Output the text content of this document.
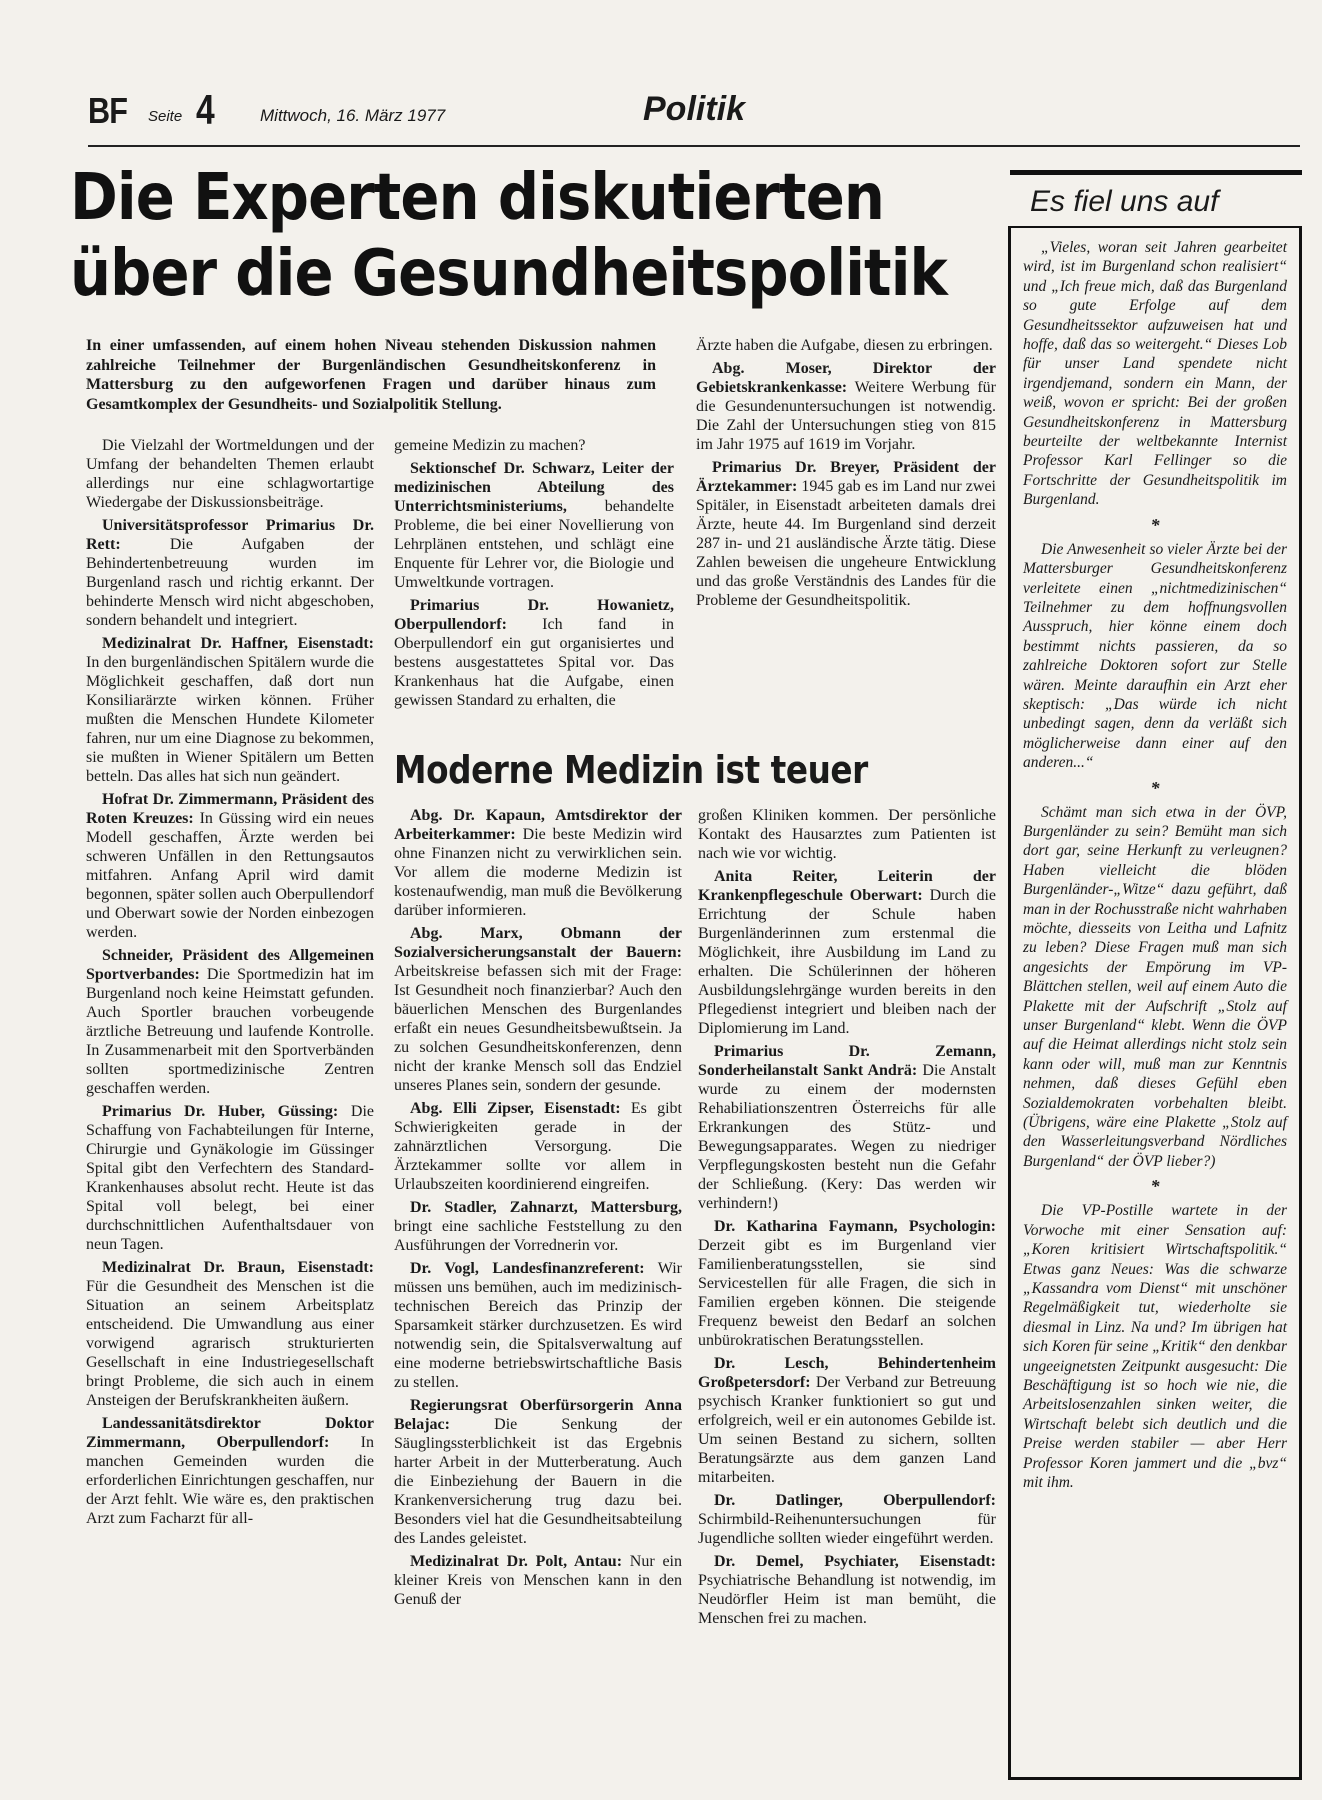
BF Seite 4	Mittwoch, 16. März 1977	Politik
Die Experten diskutierten
über die Gesundheitspolitik

In einer umfassenden, auf einem hohen Niveau stehenden Diskussion nahmen zahlreiche Teilnehmer der Burgenländischen Gesundheitskonferenz in Mattersburg zu den aufgeworfenen Fragen und darüber hinaus zum Gesamtkomplex der Gesundheits- und Sozialpolitik Stellung.

Die Vielzahl der Wortmeldungen und der Umfang der behandelten Themen erlaubt allerdings nur eine schlagwortartige Wiedergabe der Diskussionsbeiträge.

Universitätsprofessor Primarius Dr. Rett: Die Aufgaben der Behindertenbetreuung wurden im Burgenland rasch und richtig erkannt. Der behinderte Mensch wird nicht abgeschoben, sondern behandelt und integriert.

Medizinalrat Dr. Haffner, Eisenstadt: In den burgenländischen Spitälern wurde die Möglichkeit geschaffen, daß dort nun Konsiliarärzte wirken können. Früher mußten die Menschen Hundete Kilometer fahren, nur um eine Diagnose zu bekommen, sie mußten in Wiener Spitälern um Betten betteln. Das alles hat sich nun geändert.

Hofrat Dr. Zimmermann, Präsident des Roten Kreuzes: In Güssing wird ein neues Modell geschaffen, Ärzte werden bei schweren Unfällen in den Rettungsautos mitfahren. Anfang April wird damit begonnen, später sollen auch Oberpullendorf und Oberwart sowie der Norden einbezogen werden.

Schneider, Präsident des Allgemeinen Sportverbandes: Die Sportmedizin hat im Burgenland noch keine Heimstatt gefunden. Auch Sportler brauchen vorbeugende ärztliche Betreuung und laufende Kontrolle. In Zusammenarbeit mit den Sportverbänden sollten sportmedizinische Zentren geschaffen werden.

Primarius Dr. Huber, Güssing: Die Schaffung von Fachabteilungen für Interne, Chirurgie und Gynäkologie im Güssinger Spital gibt den Verfechtern des Standard-Krankenhauses absolut recht. Heute ist das Spital voll belegt, bei einer durchschnittlichen Aufenthaltsdauer von neun Tagen.

Medizinalrat Dr. Braun, Eisenstadt: Für die Gesundheit des Menschen ist die Situation an seinem Arbeitsplatz entscheidend. Die Umwandlung aus einer vorwigend agrarisch strukturierten Gesellschaft in eine Industriegesellschaft bringt Probleme, die sich auch in einem Ansteigen der Berufskrankheiten äußern.

Landessanitätsdirektor Doktor Zimmermann, Oberpullendorf: In manchen Gemeinden wurden die erforderlichen Einrichtungen geschaffen, nur der Arzt fehlt. Wie wäre es, den praktischen Arzt zum Facharzt für all-

gemeine Medizin zu machen?

Sektionschef Dr. Schwarz, Leiter der medizinischen Abteilung des Unterrichtsministeriums, behandelte Probleme, die bei einer Novellierung von Lehrplänen entstehen, und schlägt eine Enquente für Lehrer vor, die Biologie und Umweltkunde vortragen.

Primarius Dr. Howanietz, Oberpullendorf: Ich fand in Oberpullendorf ein gut organisiertes und bestens ausgestattetes Spital vor. Das Krankenhaus hat die Aufgabe, einen gewissen Standard zu erhalten, die

Ärzte haben die Aufgabe, diesen zu erbringen.

Abg. Moser, Direktor der Gebietskrankenkasse: Weitere Werbung für die Gesundenuntersuchungen ist notwendig. Die Zahl der Untersuchungen stieg von 815 im Jahr 1975 auf 1619 im Vorjahr.

Primarius Dr. Breyer, Präsident der Ärztekammer: 1945 gab es im Land nur zwei Spitäler, in Eisenstadt arbeiteten damals drei Ärzte, heute 44. Im Burgenland sind derzeit 287 in- und 21 ausländische Ärzte tätig. Diese Zahlen beweisen die ungeheure Entwicklung und das große Verständnis des Landes für die Probleme der Gesundheitspolitik.

Moderne Medizin ist teuer

Abg. Dr. Kapaun, Amtsdirektor der Arbeiterkammer: Die beste Medizin wird ohne Finanzen nicht zu verwirklichen sein. Vor allem die moderne Medizin ist kostenaufwendig, man muß die Bevölkerung darüber informieren.

Abg. Marx, Obmann der Sozialversicherungsanstalt der Bauern: Arbeitskreise befassen sich mit der Frage: Ist Gesundheit noch finanzierbar? Auch den bäuerlichen Menschen des Burgenlandes erfaßt ein neues Gesundheitsbewußtsein. Ja zu solchen Gesundheitskonferenzen, denn nicht der kranke Mensch soll das Endziel unseres Planes sein, sondern der gesunde.

Abg. Elli Zipser, Eisenstadt: Es gibt Schwierigkeiten gerade in der zahnärztlichen Versorgung. Die Ärztekammer sollte vor allem in Urlaubszeiten koordinierend eingreifen.

Dr. Stadler, Zahnarzt, Mattersburg, bringt eine sachliche Feststellung zu den Ausführungen der Vorrednerin vor.

Dr. Vogl, Landesfinanzreferent: Wir müssen uns bemühen, auch im medizinisch-technischen Bereich das Prinzip der Sparsamkeit stärker durchzusetzen. Es wird notwendig sein, die Spitalsverwaltung auf eine moderne betriebswirtschaftliche Basis zu stellen.

Regierungsrat Oberfürsorgerin Anna Belajac: Die Senkung der Säuglingssterblichkeit ist das Ergebnis harter Arbeit in der Mutterberatung. Auch die Einbeziehung der Bauern in die Krankenversicherung trug dazu bei. Besonders viel hat die Gesundheitsabteilung des Landes geleistet.

Medizinalrat Dr. Polt, Antau: Nur ein kleiner Kreis von Menschen kann in den Genuß der

großen Kliniken kommen. Der persönliche Kontakt des Hausarztes zum Patienten ist nach wie vor wichtig.

Anita Reiter, Leiterin der Krankenpflegeschule Oberwart: Durch die Errichtung der Schule haben Burgenländerinnen zum erstenmal die Möglichkeit, ihre Ausbildung im Land zu erhalten. Die Schülerinnen der höheren Ausbildungslehrgänge wurden bereits in den Pflegedienst integriert und bleiben nach der Diplomierung im Land.

Primarius Dr. Zemann, Sonderheilanstalt Sankt Andrä: Die Anstalt wurde zu einem der modernsten Rehabiliationszentren Österreichs für alle Erkrankungen des Stütz- und Bewegungsapparates. Wegen zu niedriger Verpflegungskosten besteht nun die Gefahr der Schließung. (Kery: Das werden wir verhindern!)

Dr. Katharina Faymann, Psychologin: Derzeit gibt es im Burgenland vier Familienberatungsstellen, sie sind Servicestellen für alle Fragen, die sich in Familien ergeben können. Die steigende Frequenz beweist den Bedarf an solchen unbürokratischen Beratungsstellen.

Dr. Lesch, Behindertenheim Großpetersdorf: Der Verband zur Betreuung psychisch Kranker funktioniert so gut und erfolgreich, weil er ein autonomes Gebilde ist. Um seinen Bestand zu sichern, sollten Beratungsärzte aus dem ganzen Land mitarbeiten.

Dr. Datlinger, Oberpullendorf: Schirmbild-Reihenuntersuchungen für Jugendliche sollten wieder eingeführt werden.

Dr. Demel, Psychiater, Eisenstadt: Psychiatrische Behandlung ist notwendig, im Neudörfler Heim ist man bemüht, die Menschen frei zu machen.

Es fiel uns auf

„Vieles, woran seit Jahren gearbeitet wird, ist im Burgenland schon realisiert“ und „Ich freue mich, daß das Burgenland so gute Erfolge auf dem Gesundheitssektor aufzuweisen hat und hoffe, daß das so weitergeht.“ Dieses Lob für unser Land spendete nicht irgendjemand, sondern ein Mann, der weiß, wovon er spricht: Bei der großen Gesundheitskonferenz in Mattersburg beurteilte der weltbekannte Internist Professor Karl Fellinger so die Fortschritte der Gesundheitspolitik im Burgenland.

*

Die Anwesenheit so vieler Ärzte bei der Mattersburger Gesundheitskonferenz verleitete einen „nichtmedizinischen“ Teilnehmer zu dem hoffnungsvollen Ausspruch, hier könne einem doch bestimmt nichts passieren, da so zahlreiche Doktoren sofort zur Stelle wären. Meinte daraufhin ein Arzt eher skeptisch: „Das würde ich nicht unbedingt sagen, denn da verläßt sich möglicherweise dann einer auf den anderen...“

*

Schämt man sich etwa in der ÖVP, Burgenländer zu sein? Bemüht man sich dort gar, seine Herkunft zu verleugnen? Haben vielleicht die blöden Burgenländer-„Witze“ dazu geführt, daß man in der Rochusstraße nicht wahrhaben möchte, diesseits von Leitha und Lafnitz zu leben? Diese Fragen muß man sich angesichts der Empörung im VP-Blättchen stellen, weil auf einem Auto die Plakette mit der Aufschrift „Stolz auf unser Burgenland“ klebt. Wenn die ÖVP auf die Heimat allerdings nicht stolz sein kann oder will, muß man zur Kenntnis nehmen, daß dieses Gefühl eben Sozialdemokraten vorbehalten bleibt. (Übrigens, wäre eine Plakette „Stolz auf den Wasserleitungsverband Nördliches Burgenland“ der ÖVP lieber?)

*

Die VP-Postille wartete in der Vorwoche mit einer Sensation auf: „Koren kritisiert Wirtschaftspolitik.“ Etwas ganz Neues: Was die schwarze „Kassandra vom Dienst“ mit unschöner Regelmäßigkeit tut, wiederholte sie diesmal in Linz. Na und? Im übrigen hat sich Koren für seine „Kritik“ den denkbar ungeeignetsten Zeitpunkt ausgesucht: Die Beschäftigung ist so hoch wie nie, die Arbeitslosenzahlen sinken weiter, die Wirtschaft belebt sich deutlich und die Preise werden stabiler — aber Herr Professor Koren jammert und die „bvz“ mit ihm.
